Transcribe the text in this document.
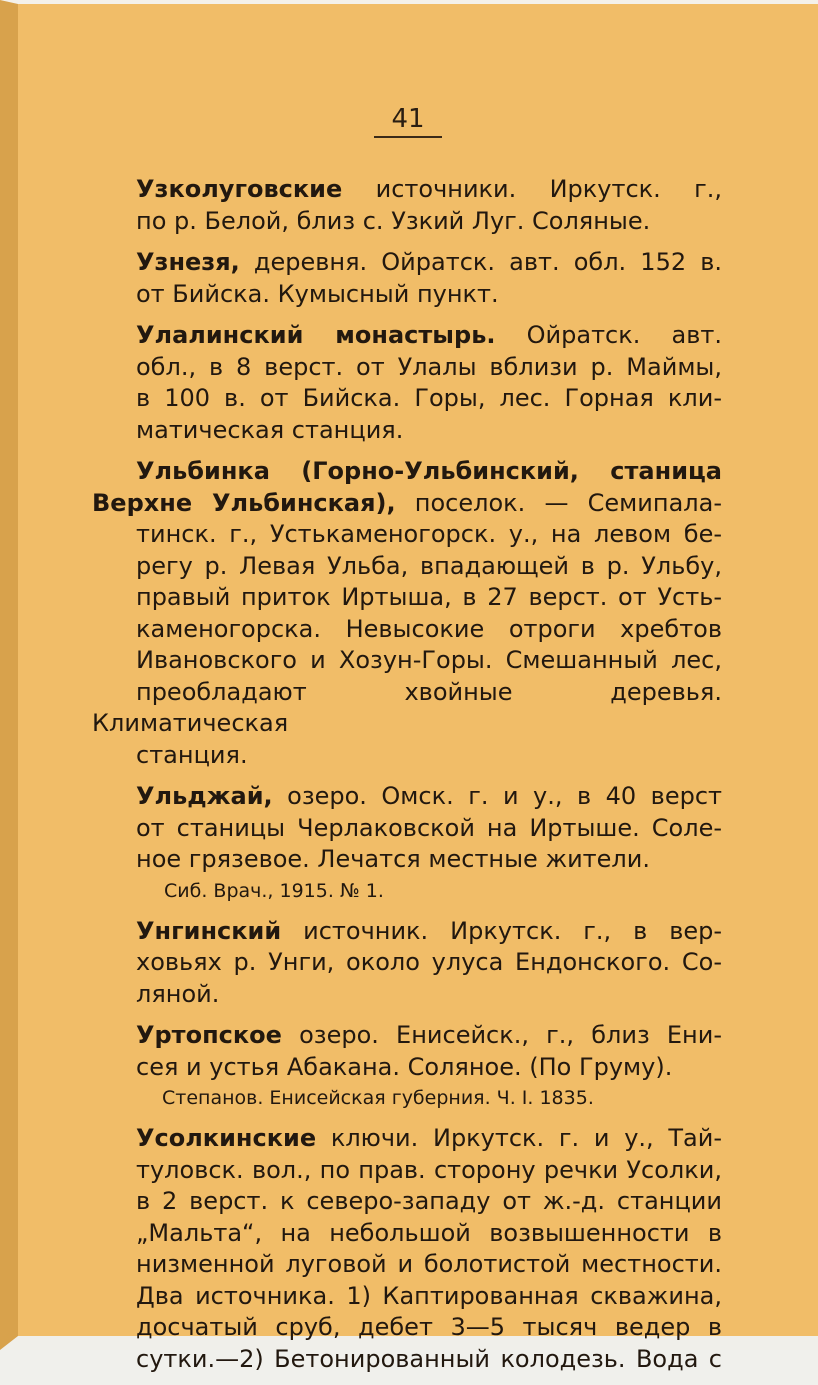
41

Узколуговские источники. Иркутск. г.,
по р. Белой, близ с. Узкий Луг. Соляные.

Узнезя, деревня. Ойратск. авт. обл. 152 в.
от Бийска. Кумысный пункт.

Улалинский монастырь. Ойратск. авт.
обл., в 8 верст. от Улалы вблизи р. Маймы,
в 100 в. от Бийска. Горы, лес. Горная кли-
матическая станция.

Ульбинка (Горно-Ульбинский, станица
Верхне Ульбинская), поселок. — Семипала-
тинск. г., Устькаменогорск. у., на левом бе-
регу р. Левая Ульба, впадающей в р. Ульбу,
правый приток Иртыша, в 27 верст. от Усть-
каменогорска. Невысокие отроги хребтов
Ивановского и Хозун-Горы. Смешанный лес,
преобладают хвойные деревья. Климатическая
станция.

Ульджай, озеро. Омск. г. и у., в 40 верст
от станицы Черлаковской на Иртыше. Соле-
ное грязевое. Лечатся местные жители.
Сиб. Врач., 1915. № 1.

Унгинский источник. Иркутск. г., в вер-
ховьях р. Унги, около улуса Ендонского. Со-
ляной.

Уртопское озеро. Енисейск., г., близ Ени-
сея и устья Абакана. Соляное. (По Груму).
Степанов. Енисейская губерния. Ч. I. 1835.

Усолкинские ключи. Иркутск. г. и у., Тай-
туловск. вол., по прав. сторону речки Усолки,
в 2 верст. к северо-западу от ж.-д. станции
„Мальта“, на небольшой возвышенности в
низменной луговой и болотистой местности.
Два источника. 1) Каптированная скважина,
досчатый сруб, дебет 3—5 тысяч ведер в
сутки.—2) Бетонированный колодезь. Вода с
